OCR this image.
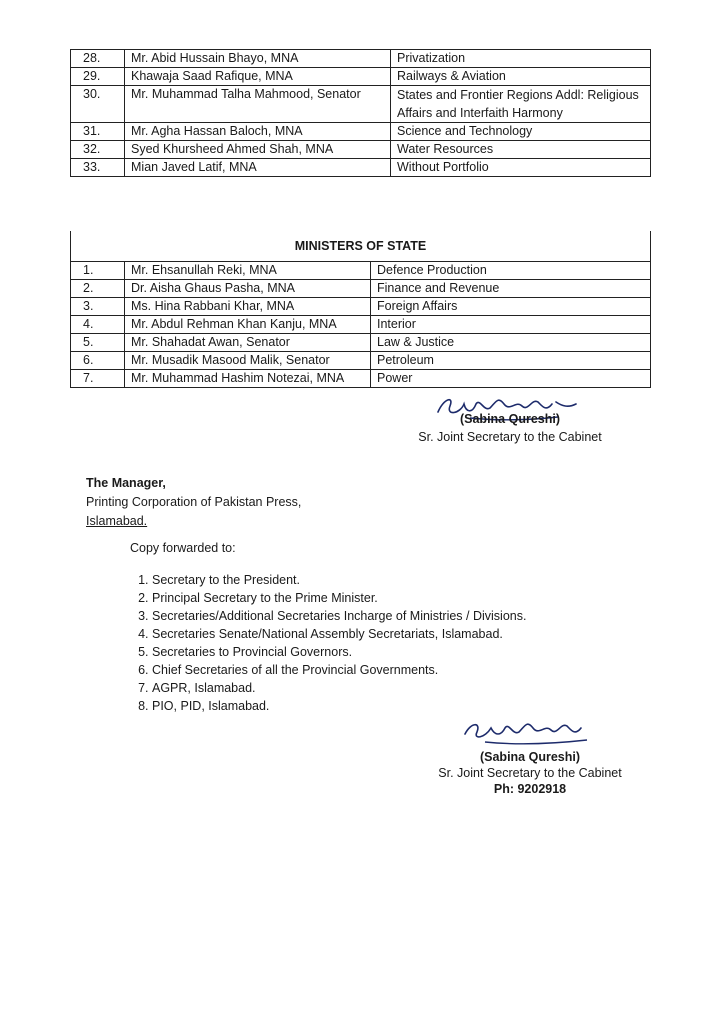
28.	Mr. Abid Hussain Bhayo, MNA	Privatization
29.	Khawaja Saad Rafique, MNA	Railways & Aviation
30.	Mr. Muhammad Talha Mahmood, Senator	States and Frontier Regions Addl: Religious Affairs and Interfaith Harmony
31.	Mr. Agha Hassan Baloch, MNA	Science and Technology
32.	Syed Khursheed Ahmed Shah, MNA	Water Resources
33.	Mian Javed Latif, MNA	Without Portfolio
MINISTERS OF STATE		
1.	Mr. Ehsanullah Reki, MNA	Defence Production
2.	Dr. Aisha Ghaus Pasha, MNA	Finance and Revenue
3.	Ms. Hina Rabbani Khar, MNA	Foreign Affairs
4.	Mr. Abdul Rehman Khan Kanju, MNA	Interior
5.	Mr. Shahadat Awan, Senator	Law & Justice
6.	Mr. Musadik Masood Malik, Senator	Petroleum
7.	Mr. Muhammad Hashim Notezai, MNA	Power
(Sabina Qureshi)
Sr. Joint Secretary to the Cabinet
The Manager,
Printing Corporation of Pakistan Press,
Islamabad.
Copy forwarded to:
1. Secretary to the President.
2. Principal Secretary to the Prime Minister.
3. Secretaries/Additional Secretaries Incharge of Ministries / Divisions.
4. Secretaries Senate/National Assembly Secretariats, Islamabad.
5. Secretaries to Provincial Governors.
6. Chief Secretaries of all the Provincial Governments.
7. AGPR, Islamabad.
8. PIO, PID, Islamabad.
(Sabina Qureshi)
Sr. Joint Secretary to the Cabinet
Ph: 9202918
